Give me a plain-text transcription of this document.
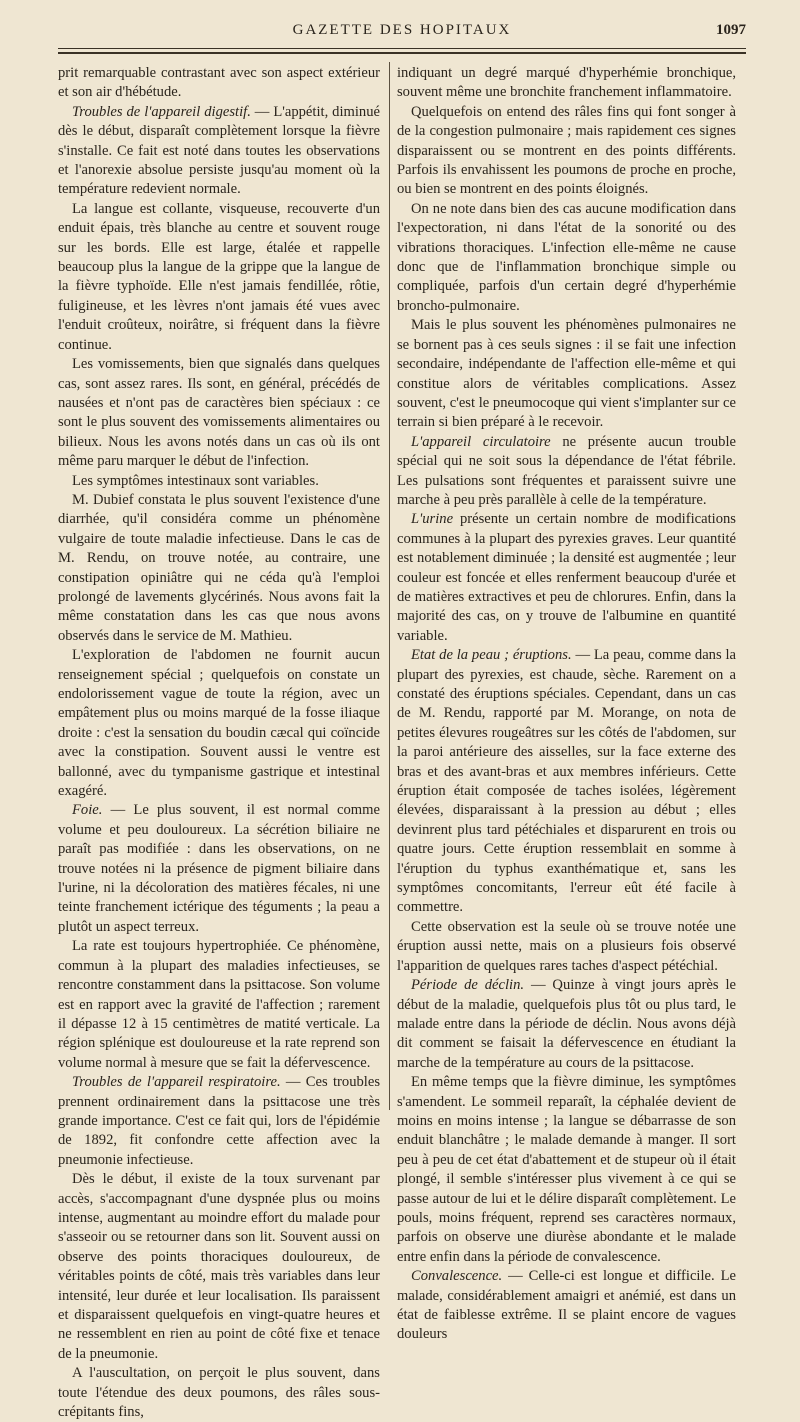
GAZETTE DES HOPITAUX	1097

prit remarquable contrastant avec son aspect extérieur et son air d'hébétude.

Troubles de l'appareil digestif. — L'appétit, diminué dès le début, disparaît complètement lorsque la fièvre s'installe. Ce fait est noté dans toutes les observations et l'anorexie absolue persiste jusqu'au moment où la température redevient normale.

La langue est collante, visqueuse, recouverte d'un enduit épais, très blanche au centre et souvent rouge sur les bords. Elle est large, étalée et rappelle beaucoup plus la langue de la grippe que la langue de la fièvre typhoïde. Elle n'est jamais fendillée, rôtie, fuligineuse, et les lèvres n'ont jamais été vues avec l'enduit croûteux, noirâtre, si fréquent dans la fièvre continue.

Les vomissements, bien que signalés dans quelques cas, sont assez rares. Ils sont, en général, précédés de nausées et n'ont pas de caractères bien spéciaux : ce sont le plus souvent des vomissements alimentaires ou bilieux. Nous les avons notés dans un cas où ils ont même paru marquer le début de l'infection.

Les symptômes intestinaux sont variables.

M. Dubief constata le plus souvent l'existence d'une diarrhée, qu'il considéra comme un phénomène vulgaire de toute maladie infectieuse. Dans le cas de M. Rendu, on trouve notée, au contraire, une constipation opiniâtre qui ne céda qu'à l'emploi prolongé de lavements glycérinés. Nous avons fait la même constatation dans les cas que nous avons observés dans le service de M. Mathieu.

L'exploration de l'abdomen ne fournit aucun renseignement spécial ; quelquefois on constate un endolorissement vague de toute la région, avec un empâtement plus ou moins marqué de la fosse iliaque droite : c'est la sensation du boudin cæcal qui coïncide avec la constipation. Souvent aussi le ventre est ballonné, avec du tympanisme gastrique et intestinal exagéré.

Foie. — Le plus souvent, il est normal comme volume et peu douloureux. La sécrétion biliaire ne paraît pas modifiée : dans les observations, on ne trouve notées ni la présence de pigment biliaire dans l'urine, ni la décoloration des matières fécales, ni une teinte franchement ictérique des téguments ; la peau a plutôt un aspect terreux.

La rate est toujours hypertrophiée. Ce phénomène, commun à la plupart des maladies infectieuses, se rencontre constamment dans la psittacose. Son volume est en rapport avec la gravité de l'affection ; rarement il dépasse 12 à 15 centimètres de matité verticale. La région splénique est douloureuse et la rate reprend son volume normal à mesure que se fait la défervescence.

Troubles de l'appareil respiratoire. — Ces troubles prennent ordinairement dans la psittacose une très grande importance. C'est ce fait qui, lors de l'épidémie de 1892, fit confondre cette affection avec la pneumonie infectieuse.

Dès le début, il existe de la toux survenant par accès, s'accompagnant d'une dyspnée plus ou moins intense, augmentant au moindre effort du malade pour s'asseoir ou se retourner dans son lit. Souvent aussi on observe des points thoraciques douloureux, de véritables points de côté, mais très variables dans leur intensité, leur durée et leur localisation. Ils paraissent et disparaissent quelquefois en vingt-quatre heures et ne ressemblent en rien au point de côté fixe et tenace de la pneumonie.

A l'auscultation, on perçoit le plus souvent, dans toute l'étendue des deux poumons, des râles sous-crépitants fins,

indiquant un degré marqué d'hyperhémie bronchique, souvent même une bronchite franchement inflammatoire.

Quelquefois on entend des râles fins qui font songer à de la congestion pulmonaire ; mais rapidement ces signes disparaissent ou se montrent en des points différents. Parfois ils envahissent les poumons de proche en proche, ou bien se montrent en des points éloignés.

On ne note dans bien des cas aucune modification dans l'expectoration, ni dans l'état de la sonorité ou des vibrations thoraciques. L'infection elle-même ne cause donc que de l'inflammation bronchique simple ou compliquée, parfois d'un certain degré d'hyperhémie broncho-pulmonaire.

Mais le plus souvent les phénomènes pulmonaires ne se bornent pas à ces seuls signes : il se fait une infection secondaire, indépendante de l'affection elle-même et qui constitue alors de véritables complications. Assez souvent, c'est le pneumocoque qui vient s'implanter sur ce terrain si bien préparé à le recevoir.

L'appareil circulatoire ne présente aucun trouble spécial qui ne soit sous la dépendance de l'état fébrile. Les pulsations sont fréquentes et paraissent suivre une marche à peu près parallèle à celle de la température.

L'urine présente un certain nombre de modifications communes à la plupart des pyrexies graves. Leur quantité est notablement diminuée ; la densité est augmentée ; leur couleur est foncée et elles renferment beaucoup d'urée et de matières extractives et peu de chlorures. Enfin, dans la majorité des cas, on y trouve de l'albumine en quantité variable.

Etat de la peau ; éruptions. — La peau, comme dans la plupart des pyrexies, est chaude, sèche. Rarement on a constaté des éruptions spéciales. Cependant, dans un cas de M. Rendu, rapporté par M. Morange, on nota de petites élevures rougeâtres sur les côtés de l'abdomen, sur la paroi antérieure des aisselles, sur la face externe des bras et des avant-bras et aux membres inférieurs. Cette éruption était composée de taches isolées, légèrement élevées, disparaissant à la pression au début ; elles devinrent plus tard pétéchiales et disparurent en trois ou quatre jours. Cette éruption ressemblait en somme à l'éruption du typhus exanthématique et, sans les symptômes concomitants, l'erreur eût été facile à commettre.

Cette observation est la seule où se trouve notée une éruption aussi nette, mais on a plusieurs fois observé l'apparition de quelques rares taches d'aspect pétéchial.

Période de déclin. — Quinze à vingt jours après le début de la maladie, quelquefois plus tôt ou plus tard, le malade entre dans la période de déclin. Nous avons déjà dit comment se faisait la défervescence en étudiant la marche de la température au cours de la psittacose.

En même temps que la fièvre diminue, les symptômes s'amendent. Le sommeil reparaît, la céphalée devient de moins en moins intense ; la langue se débarrasse de son enduit blanchâtre ; le malade demande à manger. Il sort peu à peu de cet état d'abattement et de stupeur où il était plongé, il semble s'intéresser plus vivement à ce qui se passe autour de lui et le délire disparaît complètement. Le pouls, moins fréquent, reprend ses caractères normaux, parfois on observe une diurèse abondante et le malade entre enfin dans la période de convalescence.

Convalescence. — Celle-ci est longue et difficile. Le malade, considérablement amaigri et anémié, est dans un état de faiblesse extrême. Il se plaint encore de vagues douleurs
